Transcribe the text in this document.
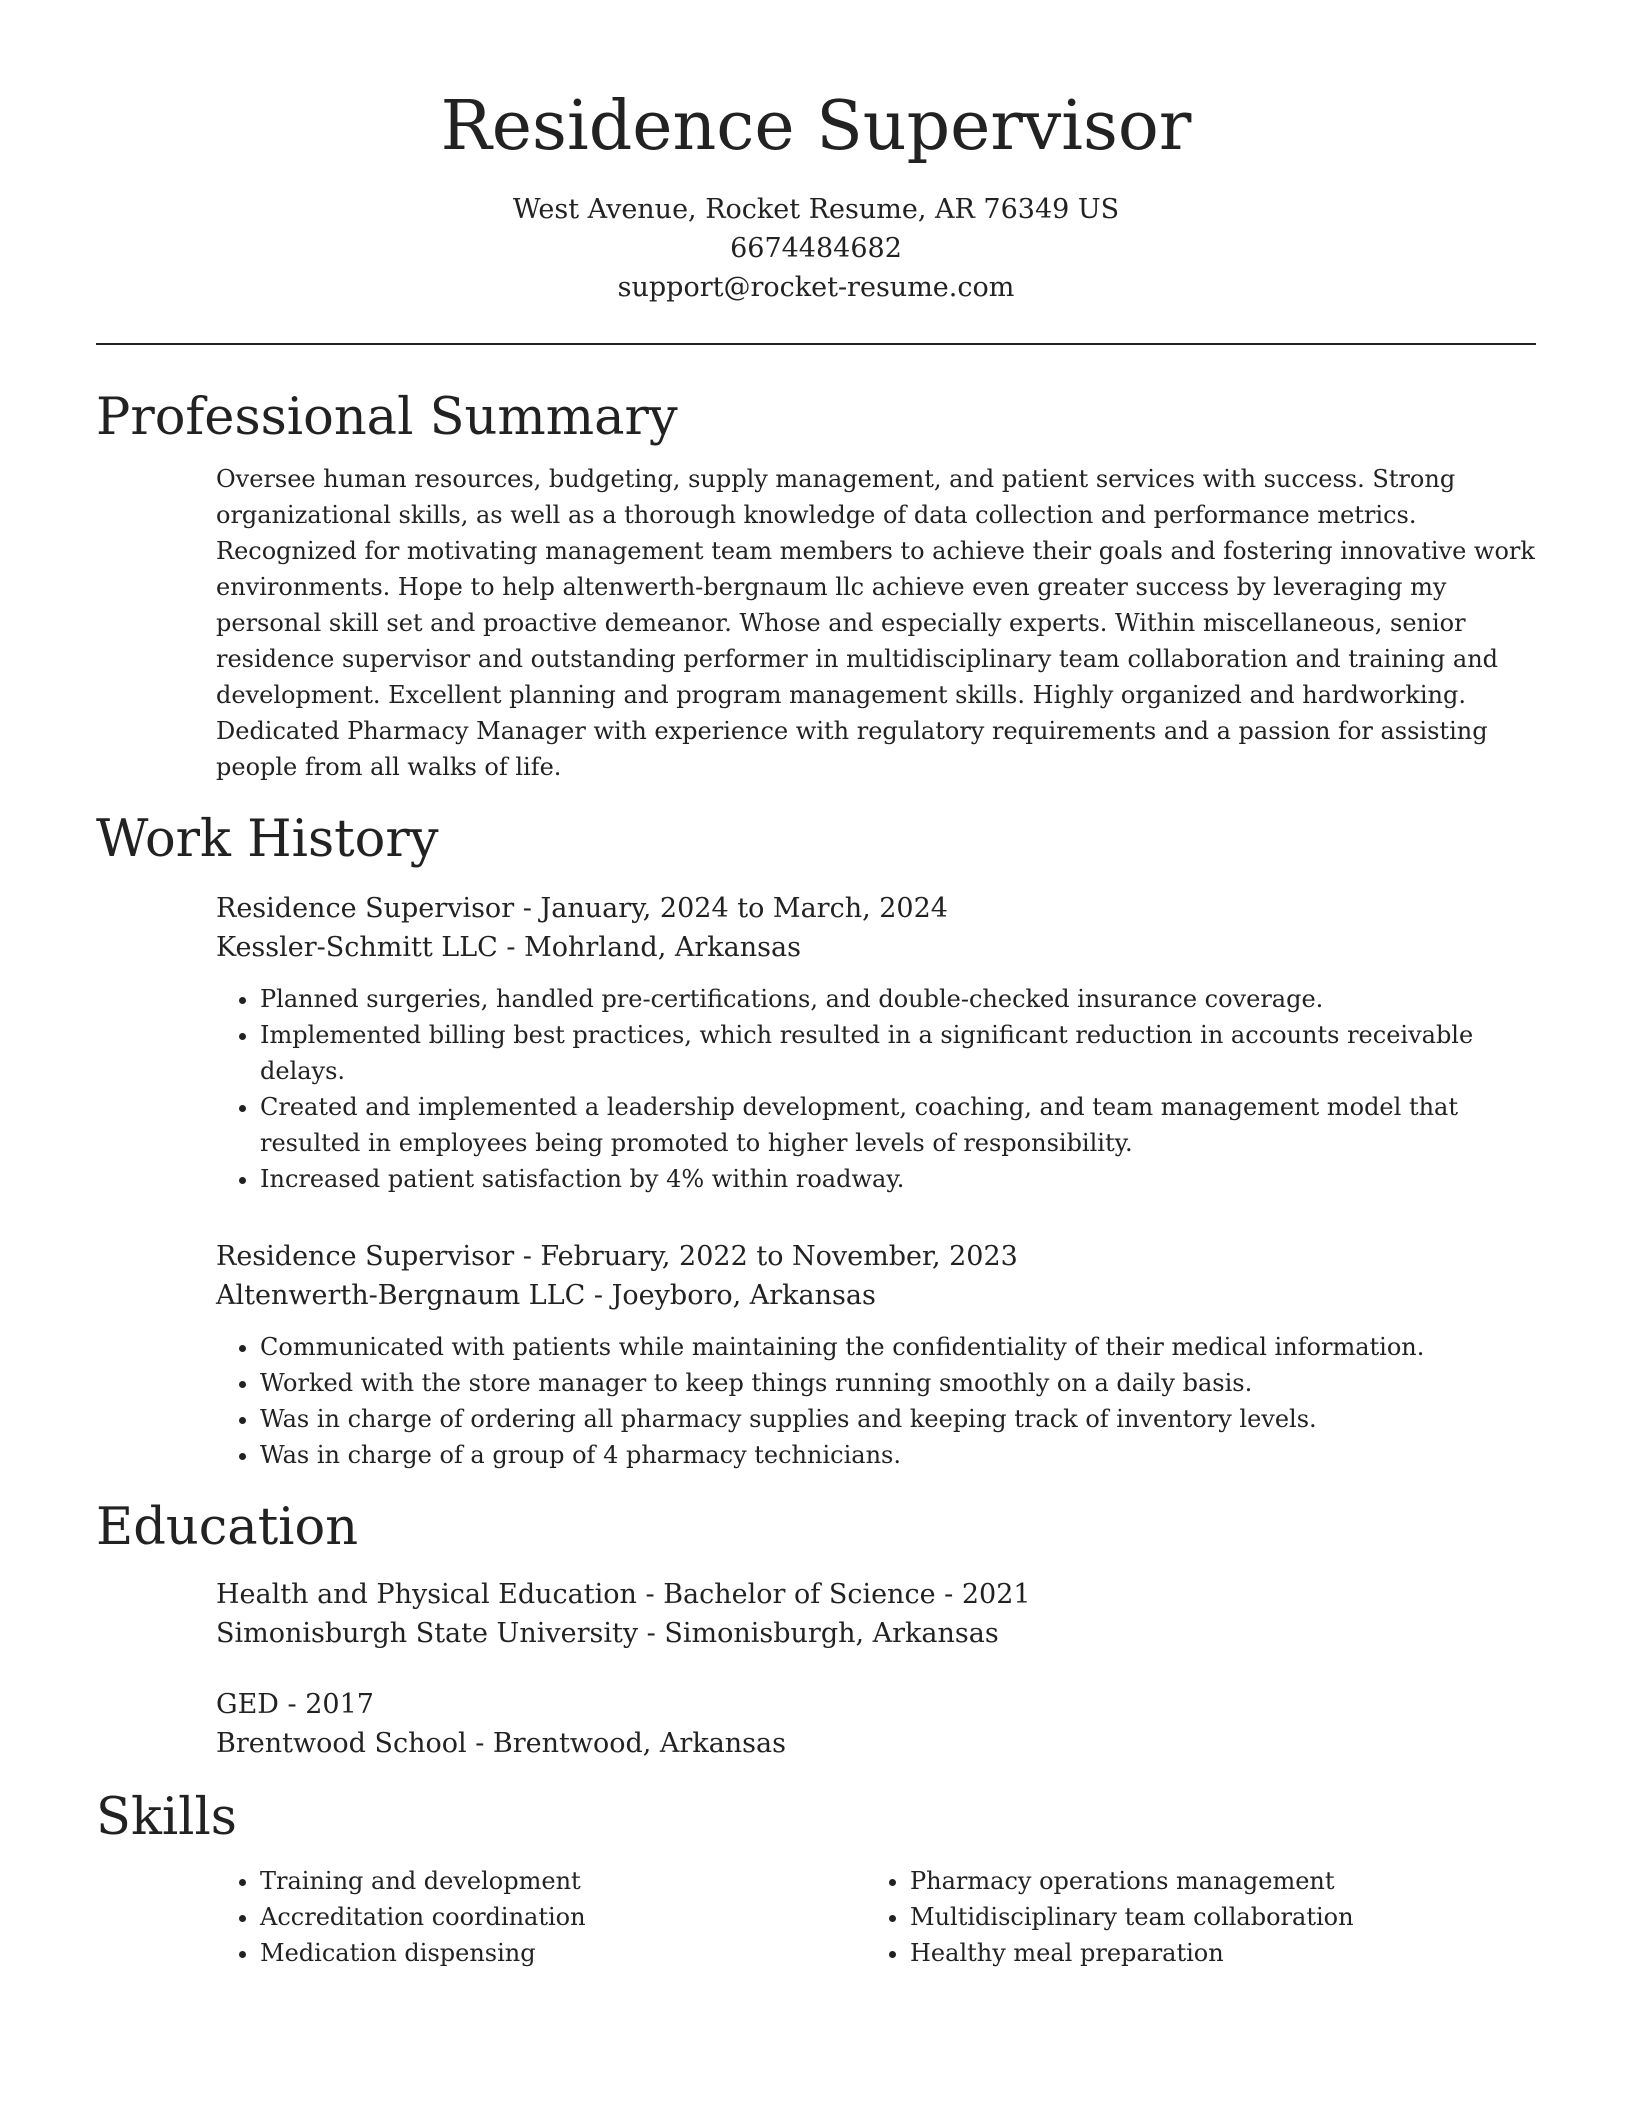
Residence Supervisor

West Avenue, Rocket Resume, AR 76349 US

6674484682

support@rocket-resume.com

Professional Summary

Oversee human resources, budgeting, supply management, and patient services with success. Strong organizational skills, as well as a thorough knowledge of data collection and performance metrics. Recognized for motivating management team members to achieve their goals and fostering innovative work environments. Hope to help altenwerth-bergnaum llc achieve even greater success by leveraging my personal skill set and proactive demeanor. Whose and especially experts. Within miscellaneous, senior residence supervisor and outstanding performer in multidisciplinary team collaboration and training and development. Excellent planning and program management skills. Highly organized and hardworking. Dedicated Pharmacy Manager with experience with regulatory requirements and a passion for assisting people from all walks of life.

Work History

Residence Supervisor - January, 2024 to March, 2024

Kessler-Schmitt LLC - Mohrland, Arkansas

• Planned surgeries, handled pre-certifications, and double-checked insurance coverage.
• Implemented billing best practices, which resulted in a significant reduction in accounts receivable delays.
• Created and implemented a leadership development, coaching, and team management model that resulted in employees being promoted to higher levels of responsibility.
• Increased patient satisfaction by 4% within roadway.

Residence Supervisor - February, 2022 to November, 2023

Altenwerth-Bergnaum LLC - Joeyboro, Arkansas

• Communicated with patients while maintaining the confidentiality of their medical information.
• Worked with the store manager to keep things running smoothly on a daily basis.
• Was in charge of ordering all pharmacy supplies and keeping track of inventory levels.
• Was in charge of a group of 4 pharmacy technicians.
Education

Health and Physical Education - Bachelor of Science - 2021

Simonisburgh State University - Simonisburgh, Arkansas

GED - 2017

Brentwood School - Brentwood, Arkansas

Skills
• Training and development
• Accreditation coordination
• Medication dispensing
• Pharmacy operations management
• Multidisciplinary team collaboration
• Healthy meal preparation
